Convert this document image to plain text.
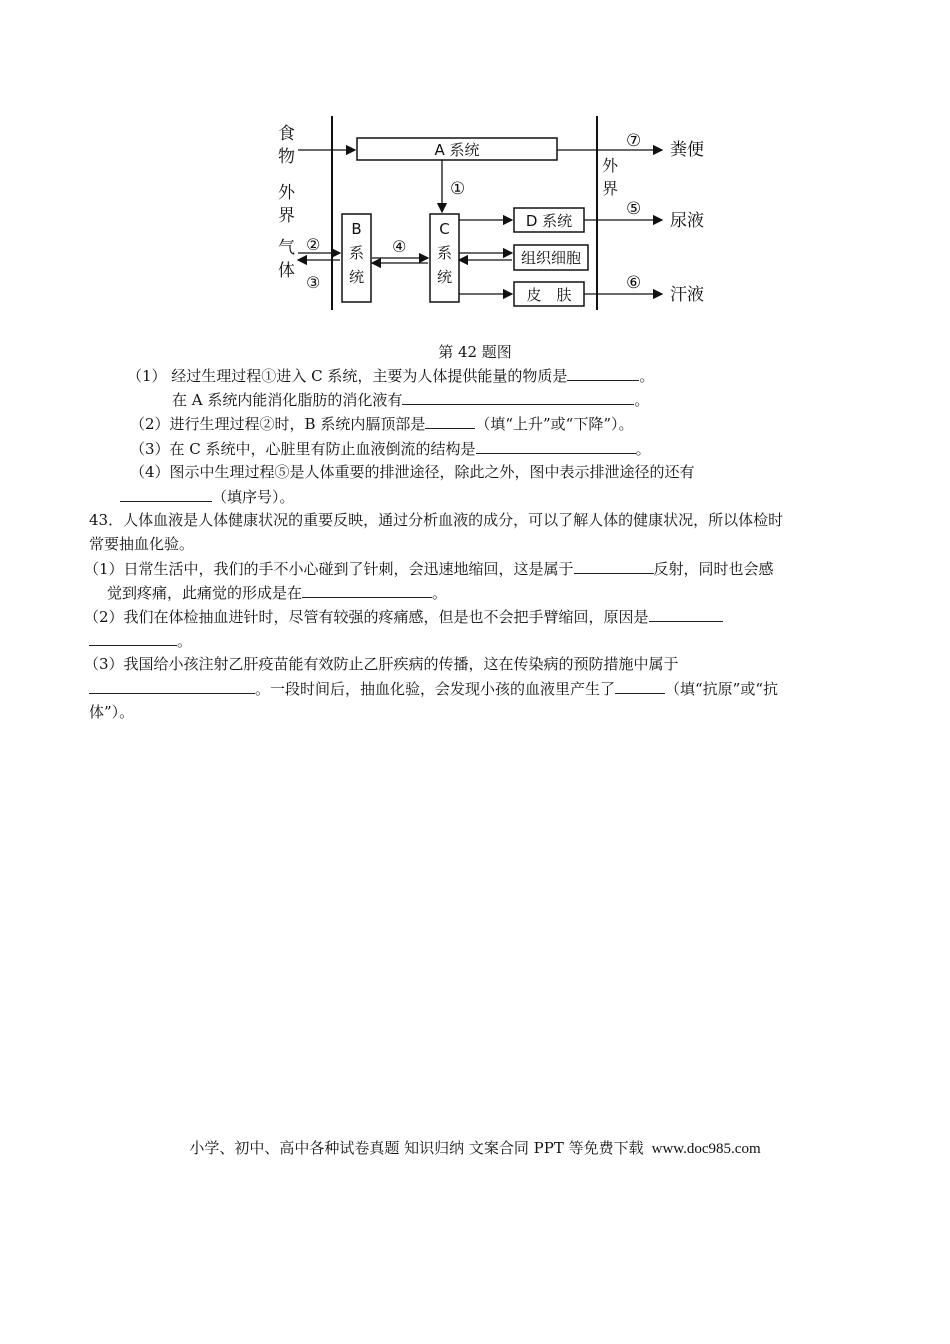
食
物
外
界
气
体
外
界
A 系统	⑦ 粪便
①
B
系
统
C
系
统
②
③
④
D 系统
⑤
尿液
组织细胞
皮　肤
⑥
汗液
第 42 题图
（1） 经过生理过程①进入 C 系统，主要为人体提供能量的物质是	。
在 A 系统内能消化脂肪的消化液有	。
（2）进行生理过程②时，B 系统内膈顶部是	（填“上升”或“下降”）。
（3）在 C 系统中，心脏里有防止血液倒流的结构是	。
（4）图示中生理过程⑤是人体重要的排泄途径，除此之外，图中表示排泄途径的还有
（填序号）。
43．人体血液是人体健康状况的重要反映，通过分析血液的成分，可以了解人体的健康状况，所以体检时
常要抽血化验。
（1）日常生活中，我们的手不小心碰到了针刺，会迅速地缩回，这是属于	反射，同时也会感
觉到疼痛，此痛觉的形成是在	。
（2）我们在体检抽血进针时，尽管有较强的疼痛感，但是也不会把手臂缩回，原因是
。
（3）我国给小孩注射乙肝疫苗能有效防止乙肝疾病的传播，这在传染病的预防措施中属于
。一段时间后，抽血化验，会发现小孩的血液里产生了	（填“抗原”或“抗
体”）。
小学、初中、高中各种试卷真题 知识归纳 文案合同 PPT 等免费下载 www.doc985.com
